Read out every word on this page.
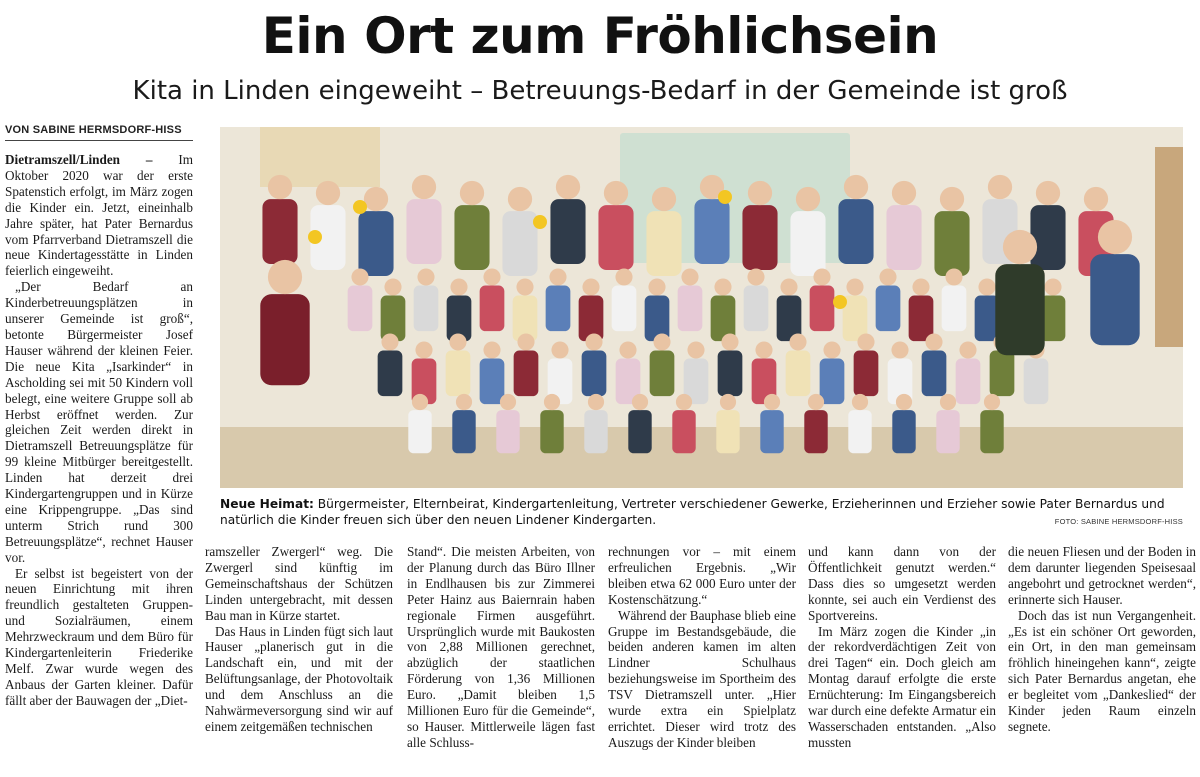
Ein Ort zum Fröhlichsein
Kita in Linden eingeweiht – Betreuungs-Bedarf in der Gemeinde ist groß
VON SABINE HERMSDORF-HISS

Dietramszell/Linden – Im Oktober 2020 war der erste Spatenstich erfolgt, im März zogen die Kinder ein. Jetzt, eineinhalb Jahre später, hat Pater Bernardus vom Pfarrverband Dietramszell die neue Kindertagesstätte in Linden feierlich eingeweiht.

„Der Bedarf an Kinderbetreuungsplätzen in unserer Gemeinde ist groß“, betonte Bürgermeister Josef Hauser während der kleinen Feier. Die neue Kita „Isarkinder“ in Ascholding sei mit 50 Kindern voll belegt, eine weitere Gruppe soll ab Herbst eröffnet werden. Zur gleichen Zeit werden direkt in Dietramszell Betreuungsplätze für 99 kleine Mitbürger bereitgestellt. Linden hat derzeit drei Kindergartengruppen und in Kürze eine Krippengruppe. „Das sind unterm Strich rund 300 Betreuungsplätze“, rechnet Hauser vor.

Er selbst ist begeistert von der neuen Einrichtung mit ihren freundlich gestalteten Gruppen- und Sozialräumen, einem Mehrzweckraum und dem Büro für Kindergartenleiterin Friederike Melf. Zwar wurde wegen des Anbaus der Garten kleiner. Dafür fällt aber der Bauwagen der „Diet-

Neue Heimat: Bürgermeister, Elternbeirat, Kindergartenleitung, Vertreter verschiedener Gewerke, Erzieherinnen und Erzieher sowie Pater Bernardus und natürlich die Kinder freuen sich über den neuen Lindener Kindergarten.	FOTO: SABINE HERMSDORF-HISS

ramszeller Zwergerl“ weg. Die Zwergerl sind künftig im Gemeinschaftshaus der Schützen Linden untergebracht, mit dessen Bau man in Kürze startet.

Das Haus in Linden fügt sich laut Hauser „planerisch gut in die Landschaft ein, und mit der Belüftungsanlage, der Photovoltaik und dem Anschluss an die Nahwärmeversorgung sind wir auf einem zeitgemäßen technischen

Stand“. Die meisten Arbeiten, von der Planung durch das Büro Illner in Endlhausen bis zur Zimmerei Peter Hainz aus Baiernrain haben regionale Firmen ausgeführt. Ursprünglich wurde mit Baukosten von 2,88 Millionen gerechnet, abzüglich der staatlichen Förderung von 1,36 Millionen Euro. „Damit bleiben 1,5 Millionen Euro für die Gemeinde“, so Hauser. Mittlerweile lägen fast alle Schluss-

rechnungen vor – mit einem erfreulichen Ergebnis. „Wir bleiben etwa 62 000 Euro unter der Kostenschätzung.“

Während der Bauphase blieb eine Gruppe im Bestandsgebäude, die beiden anderen kamen im alten Lindner Schulhaus beziehungsweise im Sportheim des TSV Dietramszell unter. „Hier wurde extra ein Spielplatz errichtet. Dieser wird trotz des Auszugs der Kinder bleiben

und kann dann von der Öffentlichkeit genutzt werden.“ Dass dies so umgesetzt werden konnte, sei auch ein Verdienst des Sportvereins.

Im März zogen die Kinder „in der rekordverdächtigen Zeit von drei Tagen“ ein. Doch gleich am Montag darauf erfolgte die erste Ernüchterung: Im Eingangsbereich war durch eine defekte Armatur ein Wasserschaden entstanden. „Also mussten

die neuen Fliesen und der Boden in dem darunter liegenden Speisesaal angebohrt und getrocknet werden“, erinnerte sich Hauser.

Doch das ist nun Vergangenheit. „Es ist ein schöner Ort geworden, ein Ort, in den man gemeinsam fröhlich hineingehen kann“, zeigte sich Pater Bernardus angetan, ehe er begleitet vom „Dankeslied“ der Kinder jeden Raum einzeln segnete.
